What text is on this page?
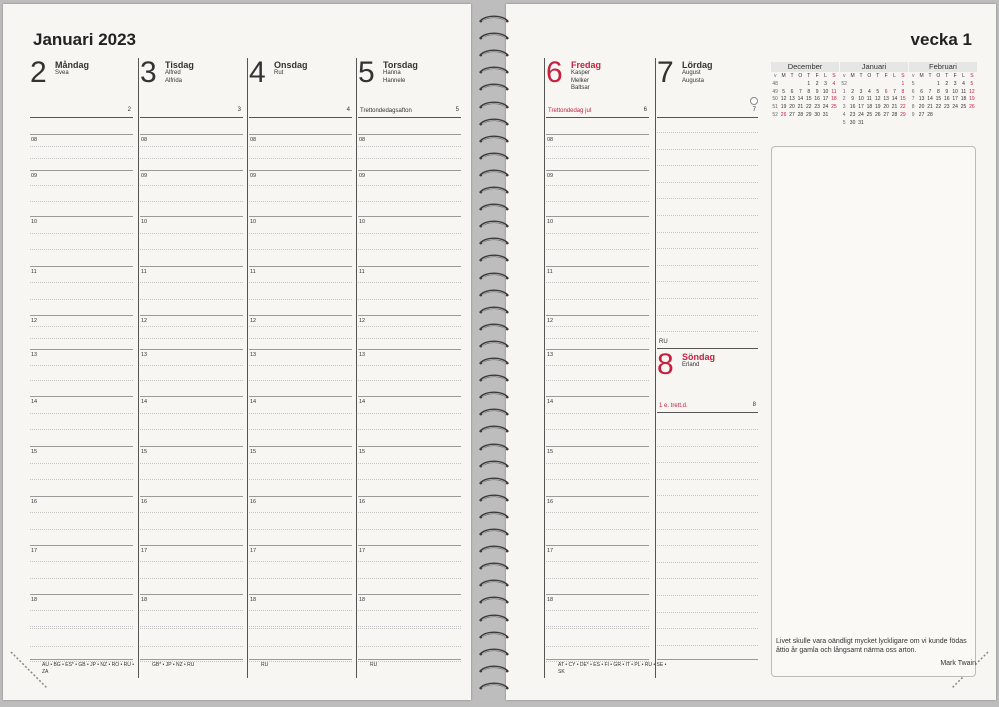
Januari 2023
2 Måndag
Svea
2
08
09
10
11
12
13
14
15
16
17
18
AU • BG • ES* • GB • JP • NZ • RO • RU •
ZA
3 Tisdag
Alfred
Alfrida
3
08
09
10
11
12
13
14
15
16
17
18
GB* • JP • NZ • RU
4 Onsdag
Rut
4
08
09
10
11
12
13
14
15
16
17
18
RU
5 Torsdag
Hanna
Hannele
Trettondedagsafton	5
08
09
10
11
12
13
14
15
16
17
18
RU
vecka 1
December
v M T O T F L S
48	1 2 3 4
49 5 6 7 8 9 10 11
50 12 13 14 15 16 17 18
51 19 20 21 22 23 24 25
52 26 27 28 29 30 31
Januari
v M T O T F L S
52	1
1 2 3 4 5 6 7 8
2 9 10 11 12 13 14 15
3 16 17 18 19 20 21 22
4 23 24 25 26 27 28 29
5 30 31
Februari
v M T O T F L S
5	1 2 3 4 5
6 6 7 8 9 10 11 12
7 13 14 15 16 17 18 19
8 20 21 22 23 24 25 26
9 27 28
Livet skulle vara oändligt mycket lyckligare om vi kunde födas åttio år gamla och långsamt närma oss arton.
Mark Twain
6 Fredag
Kasper
Melker
Baltsar
Trettondedag jul	6
08
09
10
11
12
13
14
15
16
17
18
AT • CY • DE* • ES • FI • GR • IT • PL • RU • SE •
SK
7 Lördag
August
Augusta
7
RU
8 Söndag
Erland
1 e. trett.d.	8
